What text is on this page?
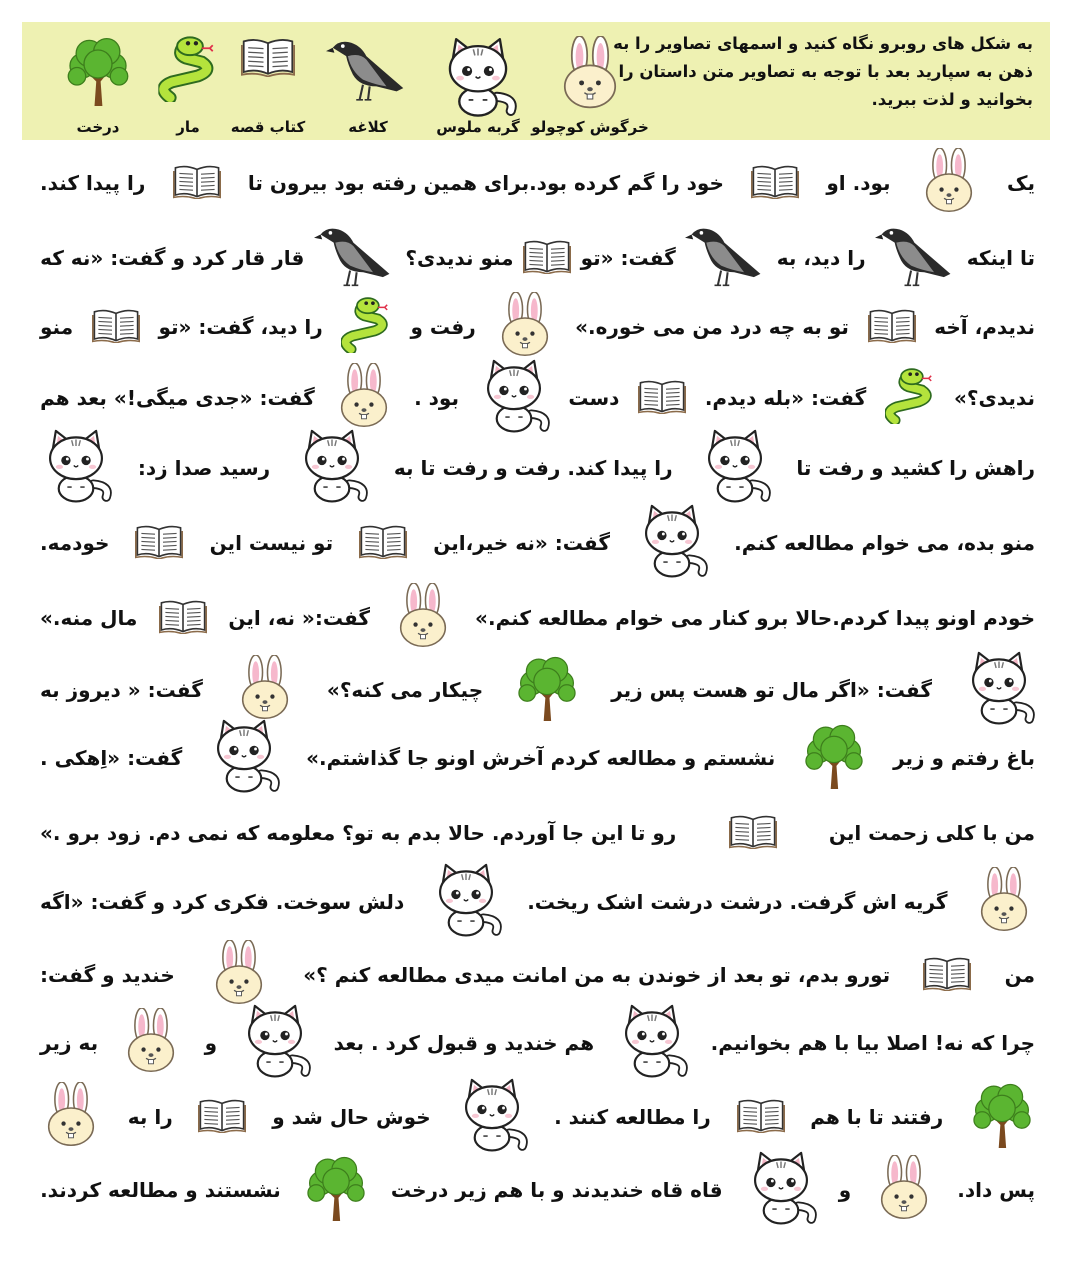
به شکل های روبرو نگاه کنید و اسمهای تصاویر را به ذهن به سپارید بعد با توجه به تصاویر متن داستان را بخوانید و لذت ببرید.
خرگوش کوچولو
گربه ملوس
کلاغه
کتاب قصه
مار
درخت
یک
بود. او
خود را گم کرده بود.برای همین رفته بود بیرون تا
را پیدا کند.
تا اینکه
را دید، به
گفت: «تو
منو ندیدی؟
قار قار کرد و گفت: «نه که
ندیدم، آخه
تو به چه درد من می خوره.»
رفت و
را دید، گفت: «تو
منو
ندیدی؟»
گفت: «بله دیدم.
دست
بود .
گفت: «جدی میگی!» بعد هم
راهش را کشید و رفت تا
را پیدا کند. رفت و رفت تا به
رسید صدا زد:
منو بده، می خوام مطالعه کنم.
گفت: «نه خیر،این
تو نیست این
خودمه.
خودم اونو پیدا کردم.حالا برو کنار می خوام مطالعه کنم.»
گفت:« نه، این
مال منه.»
گفت: «اگر مال تو هست پس زیر
چیکار می کنه؟»
گفت: « دیروز به
باغ رفتم و زیر
نشستم و مطالعه کردم آخرش اونو جا گذاشتم.»
گفت: «اِهکی .
من با کلی زحمت این
رو تا این جا آوردم. حالا بدم به تو؟ معلومه که نمی دم. زود برو .»
گریه اش گرفت. درشت درشت اشک ریخت.
دلش سوخت. فکری کرد و گفت: «اگه
من
تورو بدم، تو بعد از خوندن به من امانت میدی مطالعه کنم ؟»
خندید و گفت:
چرا که نه! اصلا بیا با هم بخوانیم.
هم خندید و قبول کرد . بعد
و
به زیر
رفتند تا با هم
را مطالعه کنند .
خوش حال شد و
را به
پس داد.
و
قاه قاه خندیدند و با هم زیر درخت
نشستند و مطالعه کردند.
